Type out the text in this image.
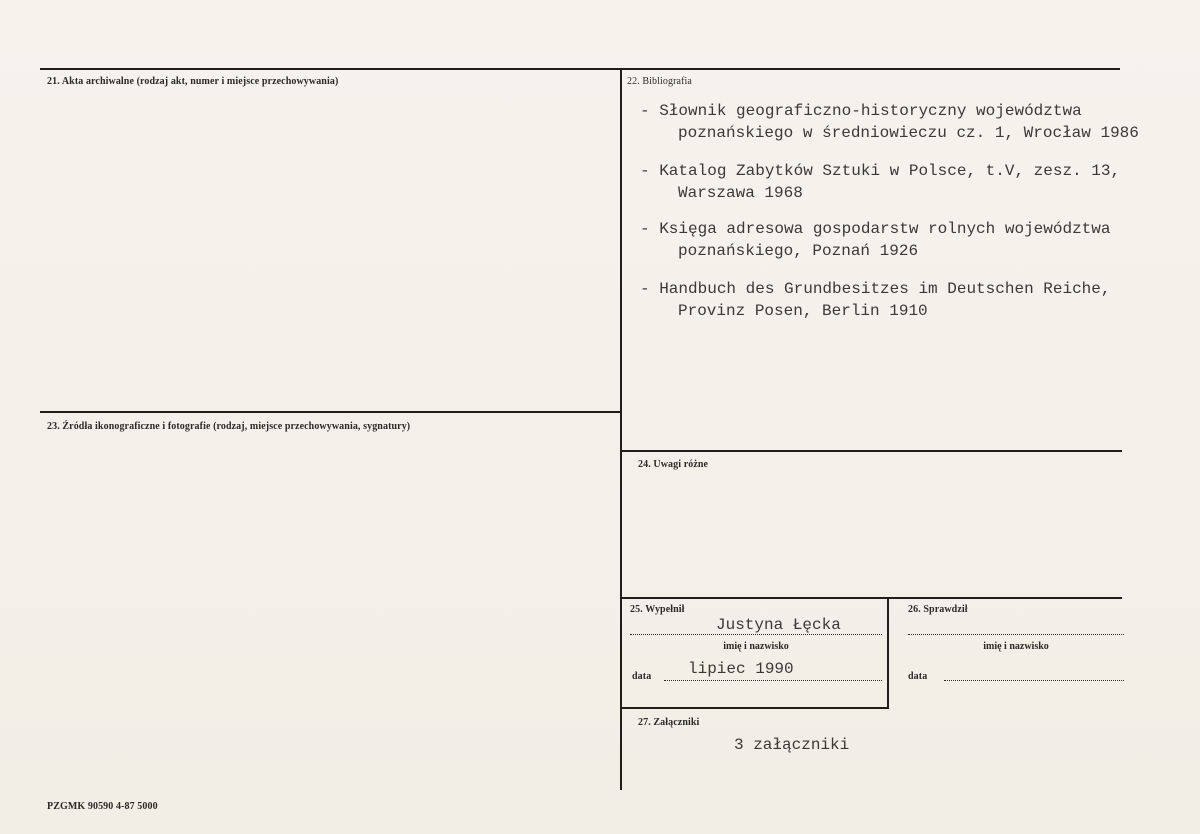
21. Akta archiwalne (rodzaj akt, numer i miejsce przechowywania)	22. Bibliografia
- Słownik geograficzno-historyczny województwa
poznańskiego w średniowieczu cz. 1, Wrocław 1986
- Katalog Zabytków Sztuki w Polsce, t.V, zesz. 13,
Warszawa 1968
- Księga adresowa gospodarstw rolnych województwa
poznańskiego, Poznań 1926
- Handbuch des Grundbesitzes im Deutschen Reiche,
Provinz Posen, Berlin 1910
23. Źródła ikonograficzne i fotografie (rodzaj, miejsce przechowywania, sygnatury)
24. Uwagi różne
25. Wypełnił
Justyna Łęcka
imię i nazwisko
data lipiec 1990
26. Sprawdził
imię i nazwisko
data
27. Załączniki
3 załączniki
PZGMK 90590 4-87 5000
